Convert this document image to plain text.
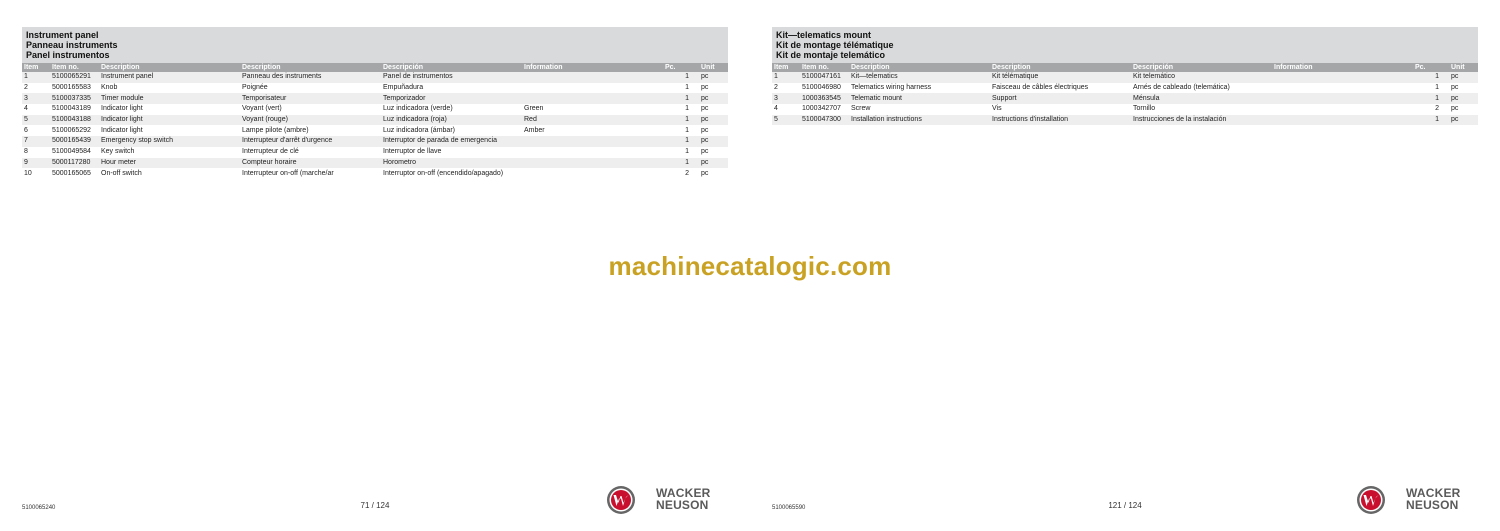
Instrument panel
Panneau instruments
Panel instrumentos
Item	Item no.	Description	Description	Descripción	Information	Pc.	Unit
1	5100065291	Instrument panel	Panneau des instruments	Panel de instrumentos		1	pc
2	5000165583	Knob	Poignée	Empuñadura		1	pc
3	5100037335	Timer module	Temporisateur	Temporizador		1	pc
4	5100043189	Indicator light	Voyant (vert)	Luz indicadora (verde)	Green	1	pc
5	5100043188	Indicator light	Voyant (rouge)	Luz indicadora (roja)	Red	1	pc
6	5100065292	Indicator light	Lampe pilote (ambre)	Luz indicadora (ámbar)	Amber	1	pc
7	5000165439	Emergency stop switch	Interrupteur d'arrêt d'urgence	Interruptor de parada de emergencia		1	pc
8	5100049584	Key switch	Interrupteur de clé	Interruptor de llave		1	pc
9	5000117280	Hour meter	Compteur horaire	Horometro		1	pc
10	5000165065	On-off switch	Interrupteur on-off (marche/ar	Interruptor on-off (encendido/apagado)		2	pc
5100065240	71 / 124
WACKER
NEUSON
Kit—telematics mount
Kit de montage télématique
Kit de montaje telemático
Item	Item no.	Description	Description	Descripción	Information	Pc.	Unit
1	5100047161	Kit—telematics	Kit télématique	Kit telemático		1	pc
2	5100046980	Telematics wiring harness	Faisceau de câbles électriques	Arnés de cableado (telemática)		1	pc
3	1000363545	Telematic mount	Support	Ménsula		1	pc
4	1000342707	Screw	Vis	Tornillo		2	pc
5	5100047300	Installation instructions	Instructions d'installation	Instrucciones de la instalación		1	pc
5100065590	121 / 124
WACKER
NEUSON
machinecatalogic.com
